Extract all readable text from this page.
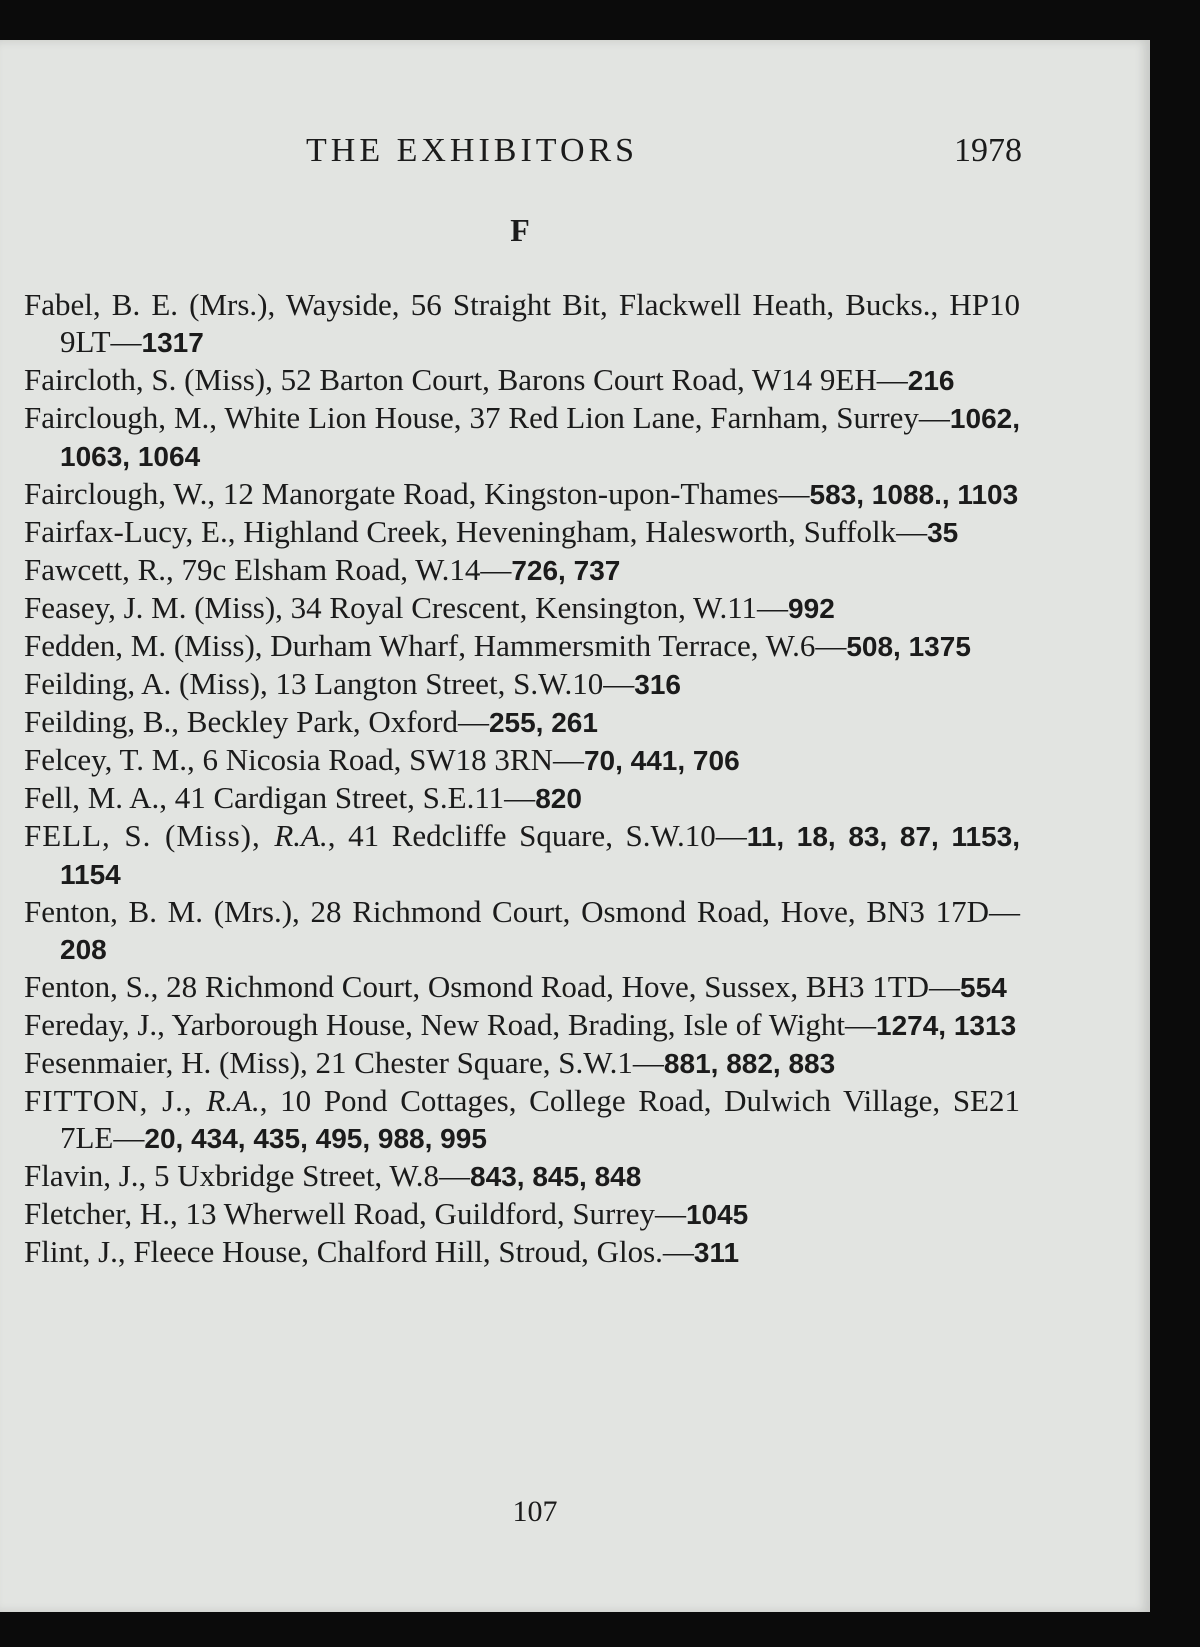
THE EXHIBITORS	1978
F

Fabel, B. E. (Mrs.), Wayside, 56 Straight Bit, Flackwell Heath, Bucks., HP10 9LT—1317

Faircloth, S. (Miss), 52 Barton Court, Barons Court Road, W14 9EH—216

Fairclough, M., White Lion House, 37 Red Lion Lane, Farnham, Surrey—1062, 1063, 1064

Fairclough, W., 12 Manorgate Road, Kingston-upon-Thames—583, 1088., 1103

Fairfax-Lucy, E., Highland Creek, Heveningham, Halesworth, Suffolk—35

Fawcett, R., 79c Elsham Road, W.14—726, 737

Feasey, J. M. (Miss), 34 Royal Crescent, Kensington, W.11—992

Fedden, M. (Miss), Durham Wharf, Hammersmith Terrace, W.6—508, 1375

Feilding, A. (Miss), 13 Langton Street, S.W.10—316

Feilding, B., Beckley Park, Oxford—255, 261

Felcey, T. M., 6 Nicosia Road, SW18 3RN—70, 441, 706

Fell, M. A., 41 Cardigan Street, S.E.11—820

FELL, S. (Miss), R.A., 41 Redcliffe Square, S.W.10—11, 18, 83, 87, 1153, 1154

Fenton, B. M. (Mrs.), 28 Richmond Court, Osmond Road, Hove, BN3 17D—208

Fenton, S., 28 Richmond Court, Osmond Road, Hove, Sussex, BH3 1TD—554

Fereday, J., Yarborough House, New Road, Brading, Isle of Wight—1274, 1313

Fesenmaier, H. (Miss), 21 Chester Square, S.W.1—881, 882, 883

FITTON, J., R.A., 10 Pond Cottages, College Road, Dulwich Village, SE21 7LE—20, 434, 435, 495, 988, 995

Flavin, J., 5 Uxbridge Street, W.8—843, 845, 848

Fletcher, H., 13 Wherwell Road, Guildford, Surrey—1045

Flint, J., Fleece House, Chalford Hill, Stroud, Glos.—311

107
